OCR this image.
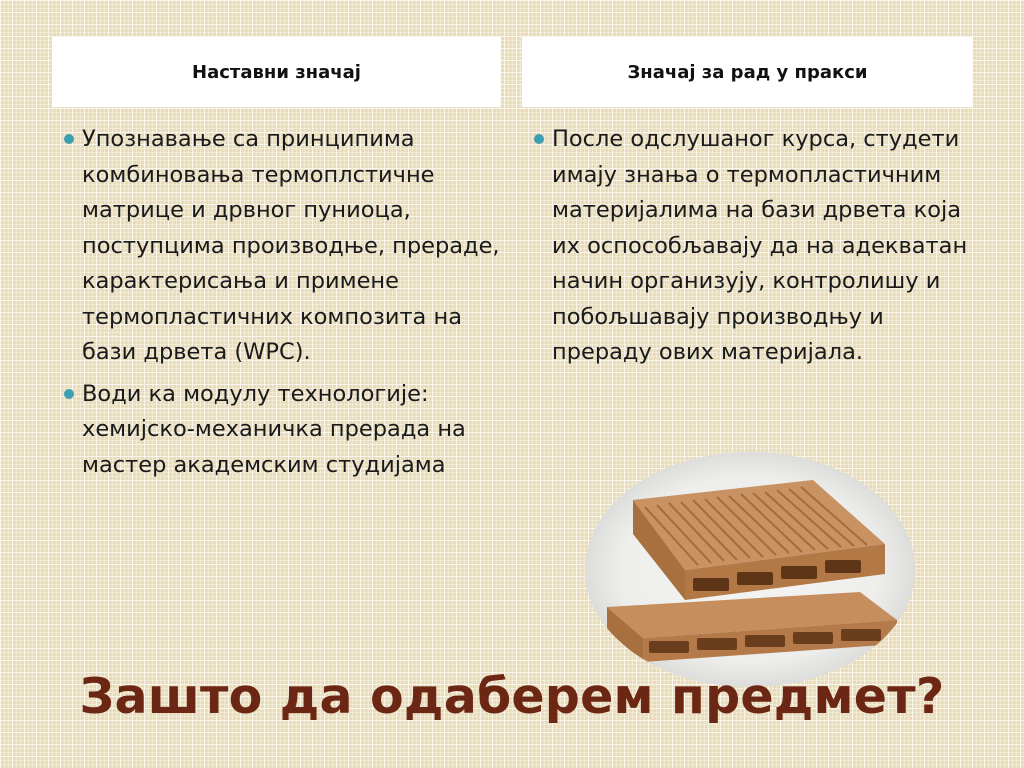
Наставни значај	Значај за рад у пракси
Упознавање са принципима комбиновања термоплстичне матрице и дрвног пуниоца, поступцима производње, прераде, карактерисања и примене термопластичних композита на бази дрвета (WPC).
Води ка модулу технологије: хемијско-механичка прерада на мастер академским студијама
После одслушаног курса, студети имају знања о термопластичним материјалима на бази дрвета која их оспособљавају да на адекватан начин организују, контролишу и побољшавају производњу и прераду ових материјала.
Зашто да одаберем предмет?
